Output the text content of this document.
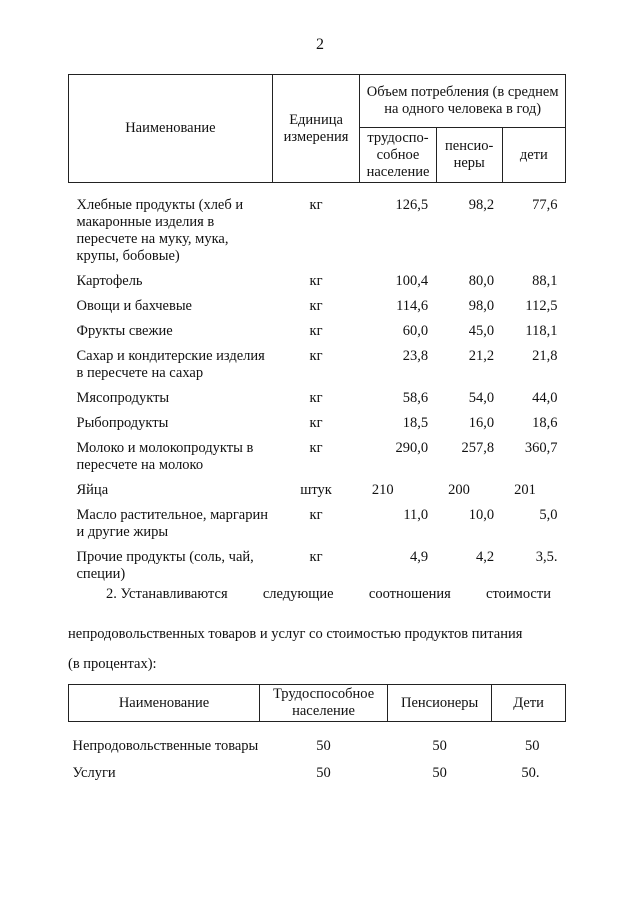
2
Наименование	Единица измерения	Объем потребления (в среднем на одного человека в год)		
		трудоспо-собное население	пенсио-неры	дети

Хлебные продукты (хлеб и макаронные изделия в пересчете на муку, мука, крупы, бобовые)	кг	126,5	98,2	77,6
Картофель	кг	100,4	80,0	88,1
Овощи и бахчевые	кг	114,6	98,0	112,5
Фрукты свежие	кг	60,0	45,0	118,1
Сахар и кондитерские изделия в пересчете на сахар	кг	23,8	21,2	21,8
Мясопродукты	кг	58,6	54,0	44,0
Рыбопродукты	кг	18,5	16,0	18,6
Молоко и молокопродукты в пересчете на молоко	кг	290,0	257,8	360,7
Яйца	штук	210	200	201
Масло растительное, маргарин и другие жиры	кг	11,0	10,0	5,0
Прочие продукты (соль, чай, специи)	кг	4,9	4,2	3,5.
2. Устанавливаются следующие соотношения стоимости
непродовольственных товаров и услуг со стоимостью продуктов питания
(в процентах):
Наименование	Трудоспособное население	Пенсионеры	Дети

Непродовольственные товары	50	50	50
Услуги	50	50	50.
